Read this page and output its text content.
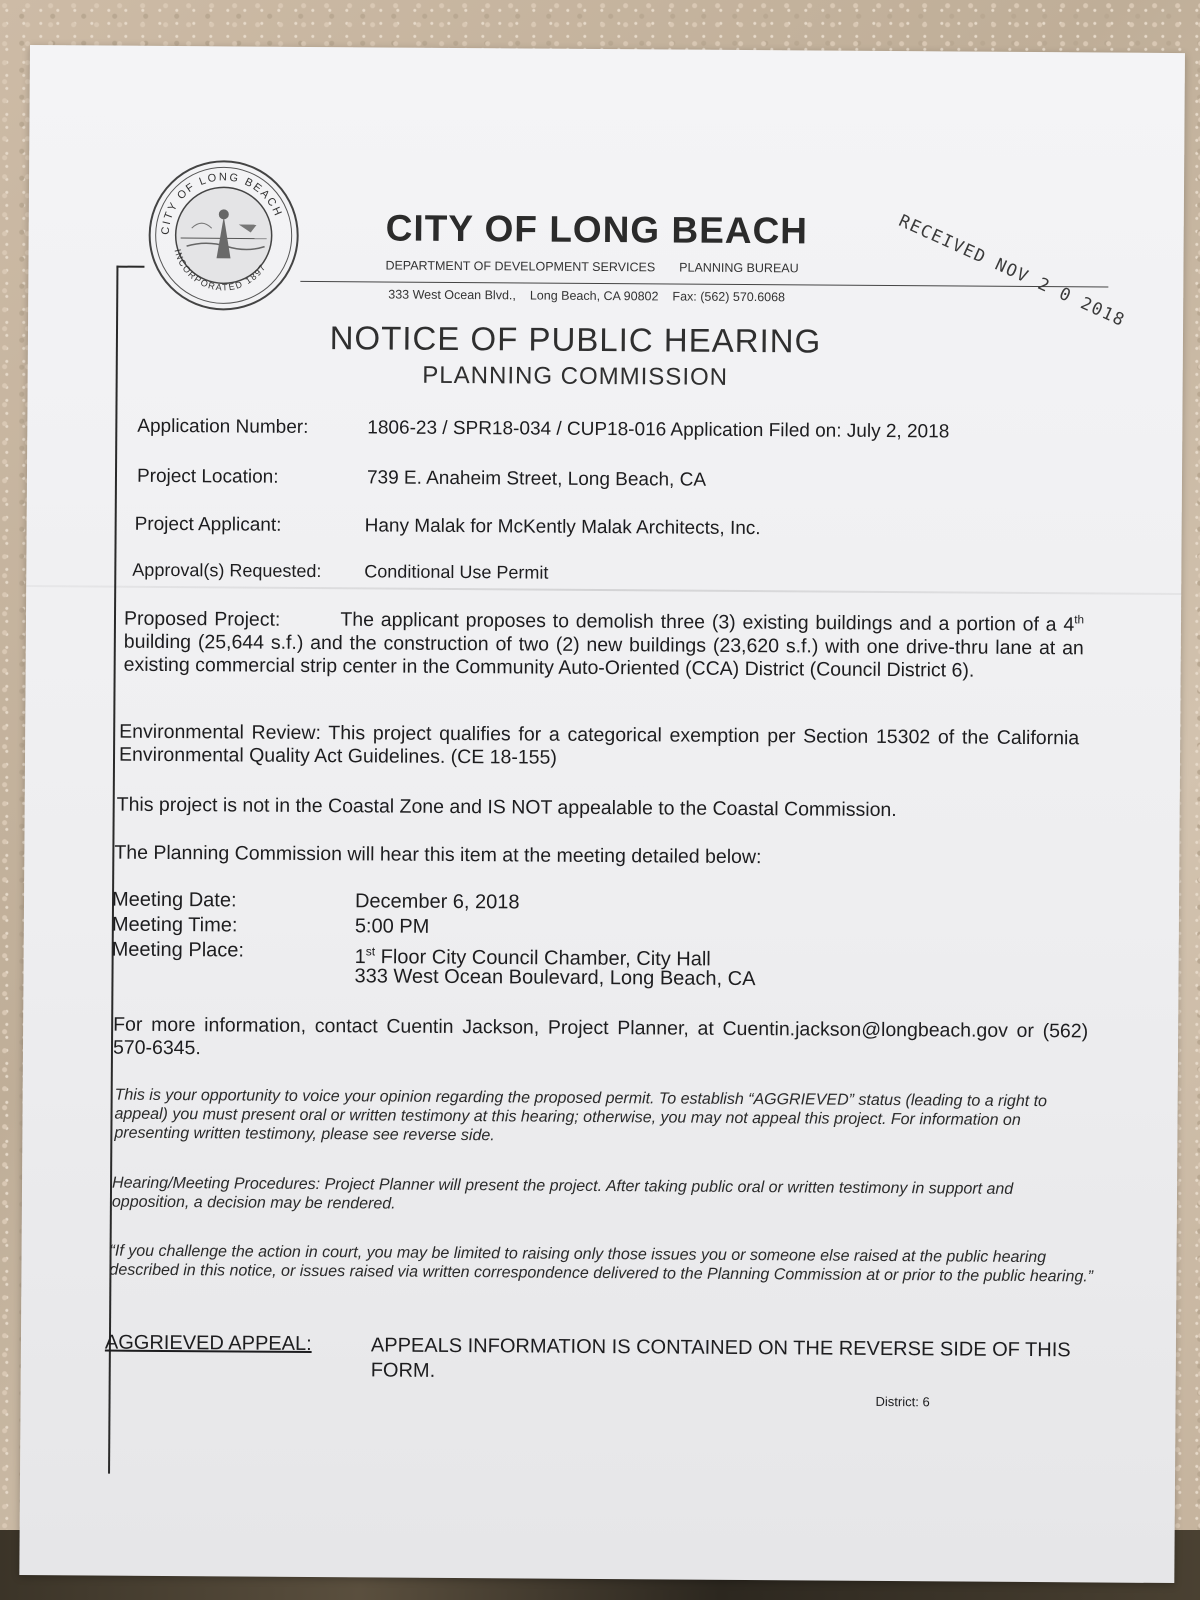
CITY OF LONG BEACH
INCORPORATED 1897
CITY OF LONG BEACH
DEPARTMENT OF DEVELOPMENT SERVICES PLANNING BUREAU
333 West Ocean Blvd., Long Beach, CA 90802 Fax: (562) 570.6068	RECEIVED NOV 2 0 2018
NOTICE OF PUBLIC HEARING
PLANNING COMMISSION
Application Number:	1806-23 / SPR18-034 / CUP18-016 Application Filed on: July 2, 2018
Project Location:	739 E. Anaheim Street, Long Beach, CA
Project Applicant:	Hany Malak for McKently Malak Architects, Inc.
Approval(s) Requested: Conditional Use Permit
Proposed Project:	The applicant proposes to demolish three (3) existing buildings and a portion of a 4th building (25,644 s.f.) and the construction of two (2) new buildings (23,620 s.f.) with one drive-thru lane at an existing commercial strip center in the Community Auto-Oriented (CCA) District (Council District 6).
Environmental Review: This project qualifies for a categorical exemption per Section 15302 of the California Environmental Quality Act Guidelines. (CE 18-155)
This project is not in the Coastal Zone and IS NOT appealable to the Coastal Commission.
The Planning Commission will hear this item at the meeting detailed below:
Meeting Date:	December 6, 2018
Meeting Time:	5:00 PM
Meeting Place:	1st Floor City Council Chamber, City Hall
333 West Ocean Boulevard, Long Beach, CA
For more information, contact Cuentin Jackson, Project Planner, at Cuentin.jackson@longbeach.gov or (562) 570-6345.
This is your opportunity to voice your opinion regarding the proposed permit. To establish “AGGRIEVED” status (leading to a right to appeal) you must present oral or written testimony at this hearing; otherwise, you may not appeal this project. For information on presenting written testimony, please see reverse side.
Hearing/Meeting Procedures: Project Planner will present the project. After taking public oral or written testimony in support and opposition, a decision may be rendered.
“If you challenge the action in court, you may be limited to raising only those issues you or someone else raised at the public hearing described in this notice, or issues raised via written correspondence delivered to the Planning Commission at or prior to the public hearing.”
AGGRIEVED APPEAL:	APPEALS INFORMATION IS CONTAINED ON THE REVERSE SIDE OF THIS FORM.
District: 6
